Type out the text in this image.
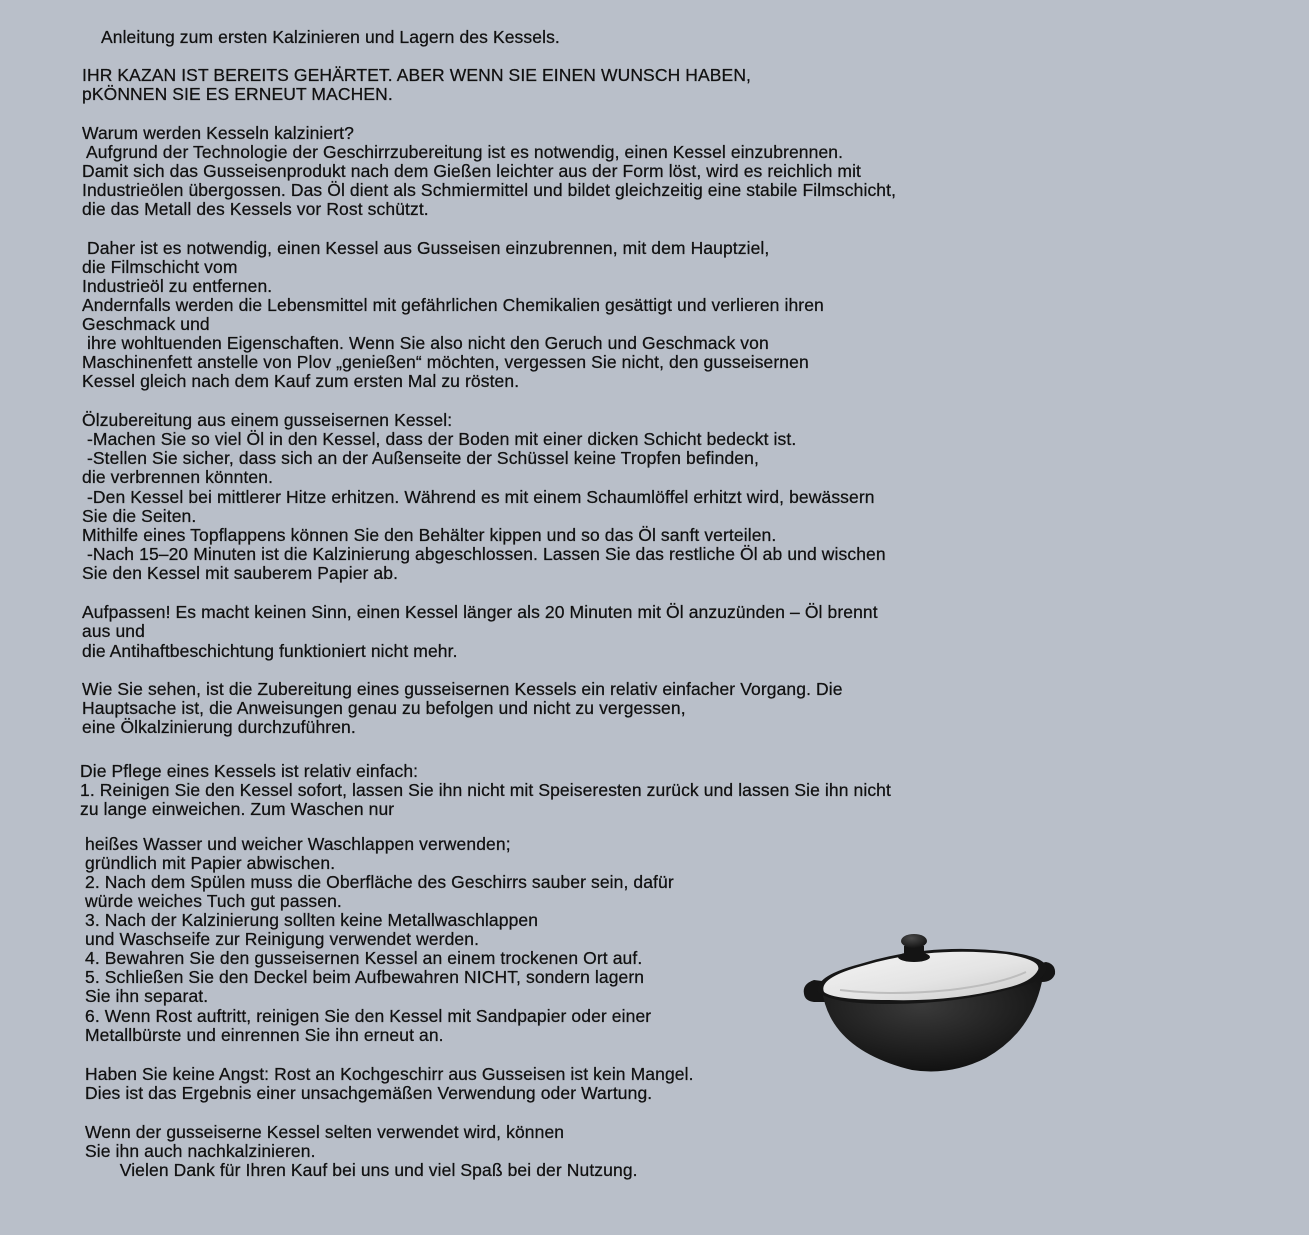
Anleitung zum ersten Kalzinieren und Lagern des Kessels.
IHR KAZAN IST BEREITS GEHÄRTET. ABER WENN SIE EINEN WUNSCH HABEN,
pKÖNNEN SIE ES ERNEUT MACHEN.
Warum werden Kesseln kalziniert?
Aufgrund der Technologie der Geschirrzubereitung ist es notwendig, einen Kessel einzubrennen.
Damit sich das Gusseisenprodukt nach dem Gießen leichter aus der Form löst, wird es reichlich mit
Industrieölen übergossen. Das Öl dient als Schmiermittel und bildet gleichzeitig eine stabile Filmschicht,
die das Metall des Kessels vor Rost schützt.
Daher ist es notwendig, einen Kessel aus Gusseisen einzubrennen, mit dem Hauptziel,
die Filmschicht vom
Industrieöl zu entfernen.
Andernfalls werden die Lebensmittel mit gefährlichen Chemikalien gesättigt und verlieren ihren
Geschmack und
ihre wohltuenden Eigenschaften. Wenn Sie also nicht den Geruch und Geschmack von
Maschinenfett anstelle von Plov „genießen“ möchten, vergessen Sie nicht, den gusseisernen
Kessel gleich nach dem Kauf zum ersten Mal zu rösten.
Ölzubereitung aus einem gusseisernen Kessel:
-Machen Sie so viel Öl in den Kessel, dass der Boden mit einer dicken Schicht bedeckt ist.
-Stellen Sie sicher, dass sich an der Außenseite der Schüssel keine Tropfen befinden,
die verbrennen könnten.
-Den Kessel bei mittlerer Hitze erhitzen. Während es mit einem Schaumlöffel erhitzt wird, bewässern
Sie die Seiten.
Mithilfe eines Topflappens können Sie den Behälter kippen und so das Öl sanft verteilen.
-Nach 15–20 Minuten ist die Kalzinierung abgeschlossen. Lassen Sie das restliche Öl ab und wischen
Sie den Kessel mit sauberem Papier ab.
Aufpassen! Es macht keinen Sinn, einen Kessel länger als 20 Minuten mit Öl anzuzünden – Öl brennt
aus und
die Antihaftbeschichtung funktioniert nicht mehr.
Wie Sie sehen, ist die Zubereitung eines gusseisernen Kessels ein relativ einfacher Vorgang. Die
Hauptsache ist, die Anweisungen genau zu befolgen und nicht zu vergessen,
eine Ölkalzinierung durchzuführen.
Die Pflege eines Kessels ist relativ einfach:
1. Reinigen Sie den Kessel sofort, lassen Sie ihn nicht mit Speiseresten zurück und lassen Sie ihn nicht
zu lange einweichen. Zum Waschen nur
heißes Wasser und weicher Waschlappen verwenden;
gründlich mit Papier abwischen.
2. Nach dem Spülen muss die Oberfläche des Geschirrs sauber sein, dafür
würde weiches Tuch gut passen.
3. Nach der Kalzinierung sollten keine Metallwaschlappen
und Waschseife zur Reinigung verwendet werden.
4. Bewahren Sie den gusseisernen Kessel an einem trockenen Ort auf.
5. Schließen Sie den Deckel beim Aufbewahren NICHT, sondern lagern
Sie ihn separat.
6. Wenn Rost auftritt, reinigen Sie den Kessel mit Sandpapier oder einer
Metallbürste und einrennen Sie ihn erneut an.
Haben Sie keine Angst: Rost an Kochgeschirr aus Gusseisen ist kein Mangel.
Dies ist das Ergebnis einer unsachgemäßen Verwendung oder Wartung.
Wenn der gusseiserne Kessel selten verwendet wird, können
Sie ihn auch nachkalzinieren.
Vielen Dank für Ihren Kauf bei uns und viel Spaß bei der Nutzung.
